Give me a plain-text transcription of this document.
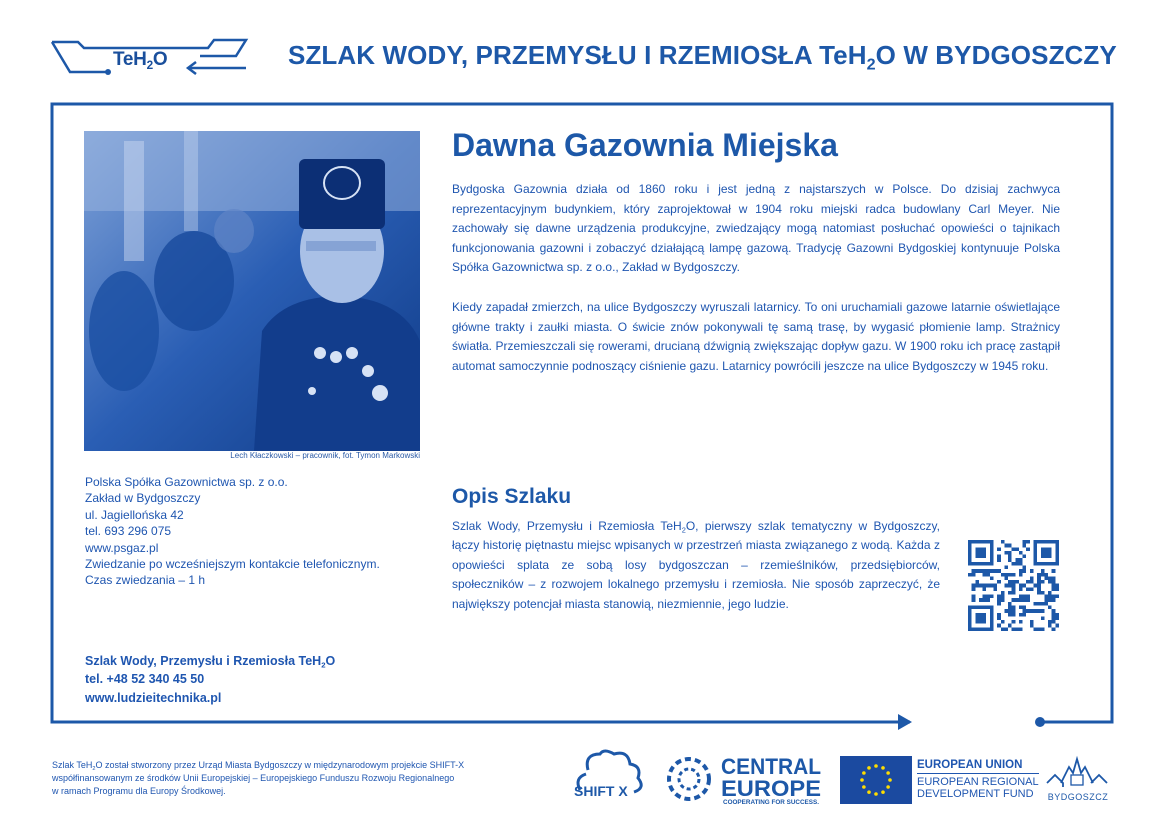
TeH$_2$O	SZLAK WODY, PRZEMYSŁU I RZEMIOSŁA TeH$_2$O W BYDGOSZCZY
Lech Kłaczkowski – pracownik, fot. Tymon Markowski
Polska Spółka Gazownictwa sp. z o.o.
Zakład w Bydgoszczy
ul. Jagiellońska 42
tel. 693 296 075
www.psgaz.pl
Zwiedzanie po wcześniejszym kontakcie telefonicznym.
Czas zwiedzania – 1 h
Szlak Wody, Przemysłu i Rzemiosła TeH$_2$O
tel. +48 52 340 45 50
www.ludzieitechnika.pl
Dawna Gazownia Miejska
Bydgoska Gazownia działa od 1860 roku i jest jedną z najstarszych w Polsce. Do dzisiaj zachwyca reprezentacyjnym budynkiem, który zaprojektował w 1904 roku miejski radca budowlany Carl Meyer. Nie zachowały się dawne urządzenia produkcyjne, zwiedzający mogą natomiast posłuchać opowieści o tajnikach funkcjonowania gazowni i zobaczyć działającą lampę gazową. Tradycję Gazowni Bydgoskiej kontynuuje Polska Spółka Gazownictwa sp. z o.o., Zakład w Bydgoszczy.
Kiedy zapadał zmierzch, na ulice Bydgoszczy wyruszali latarnicy. To oni uruchamiali gazowe latarnie oświetlające główne trakty i zaułki miasta. O świcie znów pokonywali tę samą trasę, by wygasić płomienie lamp. Strażnicy światła. Przemieszczali się rowerami, drucianą dźwignią zwiększając dopływ gazu. W 1900 roku ich pracę zastąpił automat samoczynnie podnoszący ciśnienie gazu. Latarnicy powrócili jeszcze na ulice Bydgoszczy w 1945 roku.
Opis Szlaku
Szlak Wody, Przemysłu i Rzemiosła TeH$_2$O, pierwszy szlak tematyczny w Bydgoszczy, łączy historię piętnastu miejsc wpisanych w przestrzeń miasta związanego z wodą. Każda z opowieści splata ze sobą losy bydgoszczan – rzemieślników, przedsiębiorców, społeczników – z rozwojem lokalnego przemysłu i rzemiosła. Nie sposób zaprzeczyć, że największy potencjał miasta stanowią, niezmiennie, jego ludzie.
Szlak TeH$_2$O został stworzony przez Urząd Miasta Bydgoszczy w międzynarodowym projekcie SHIFT-X
współfinansowanym ze środków Unii Europejskiej – Europejskiego Funduszu Rozwoju Regionalnego
w ramach Programu dla Europy Środkowej.	SHIFT X
CENTRAL
EUROPE
COOPERATING FOR SUCCESS.
EUROPEAN UNION
EUROPEAN REGIONAL
DEVELOPMENT FUND	BYDGOSZCZ
